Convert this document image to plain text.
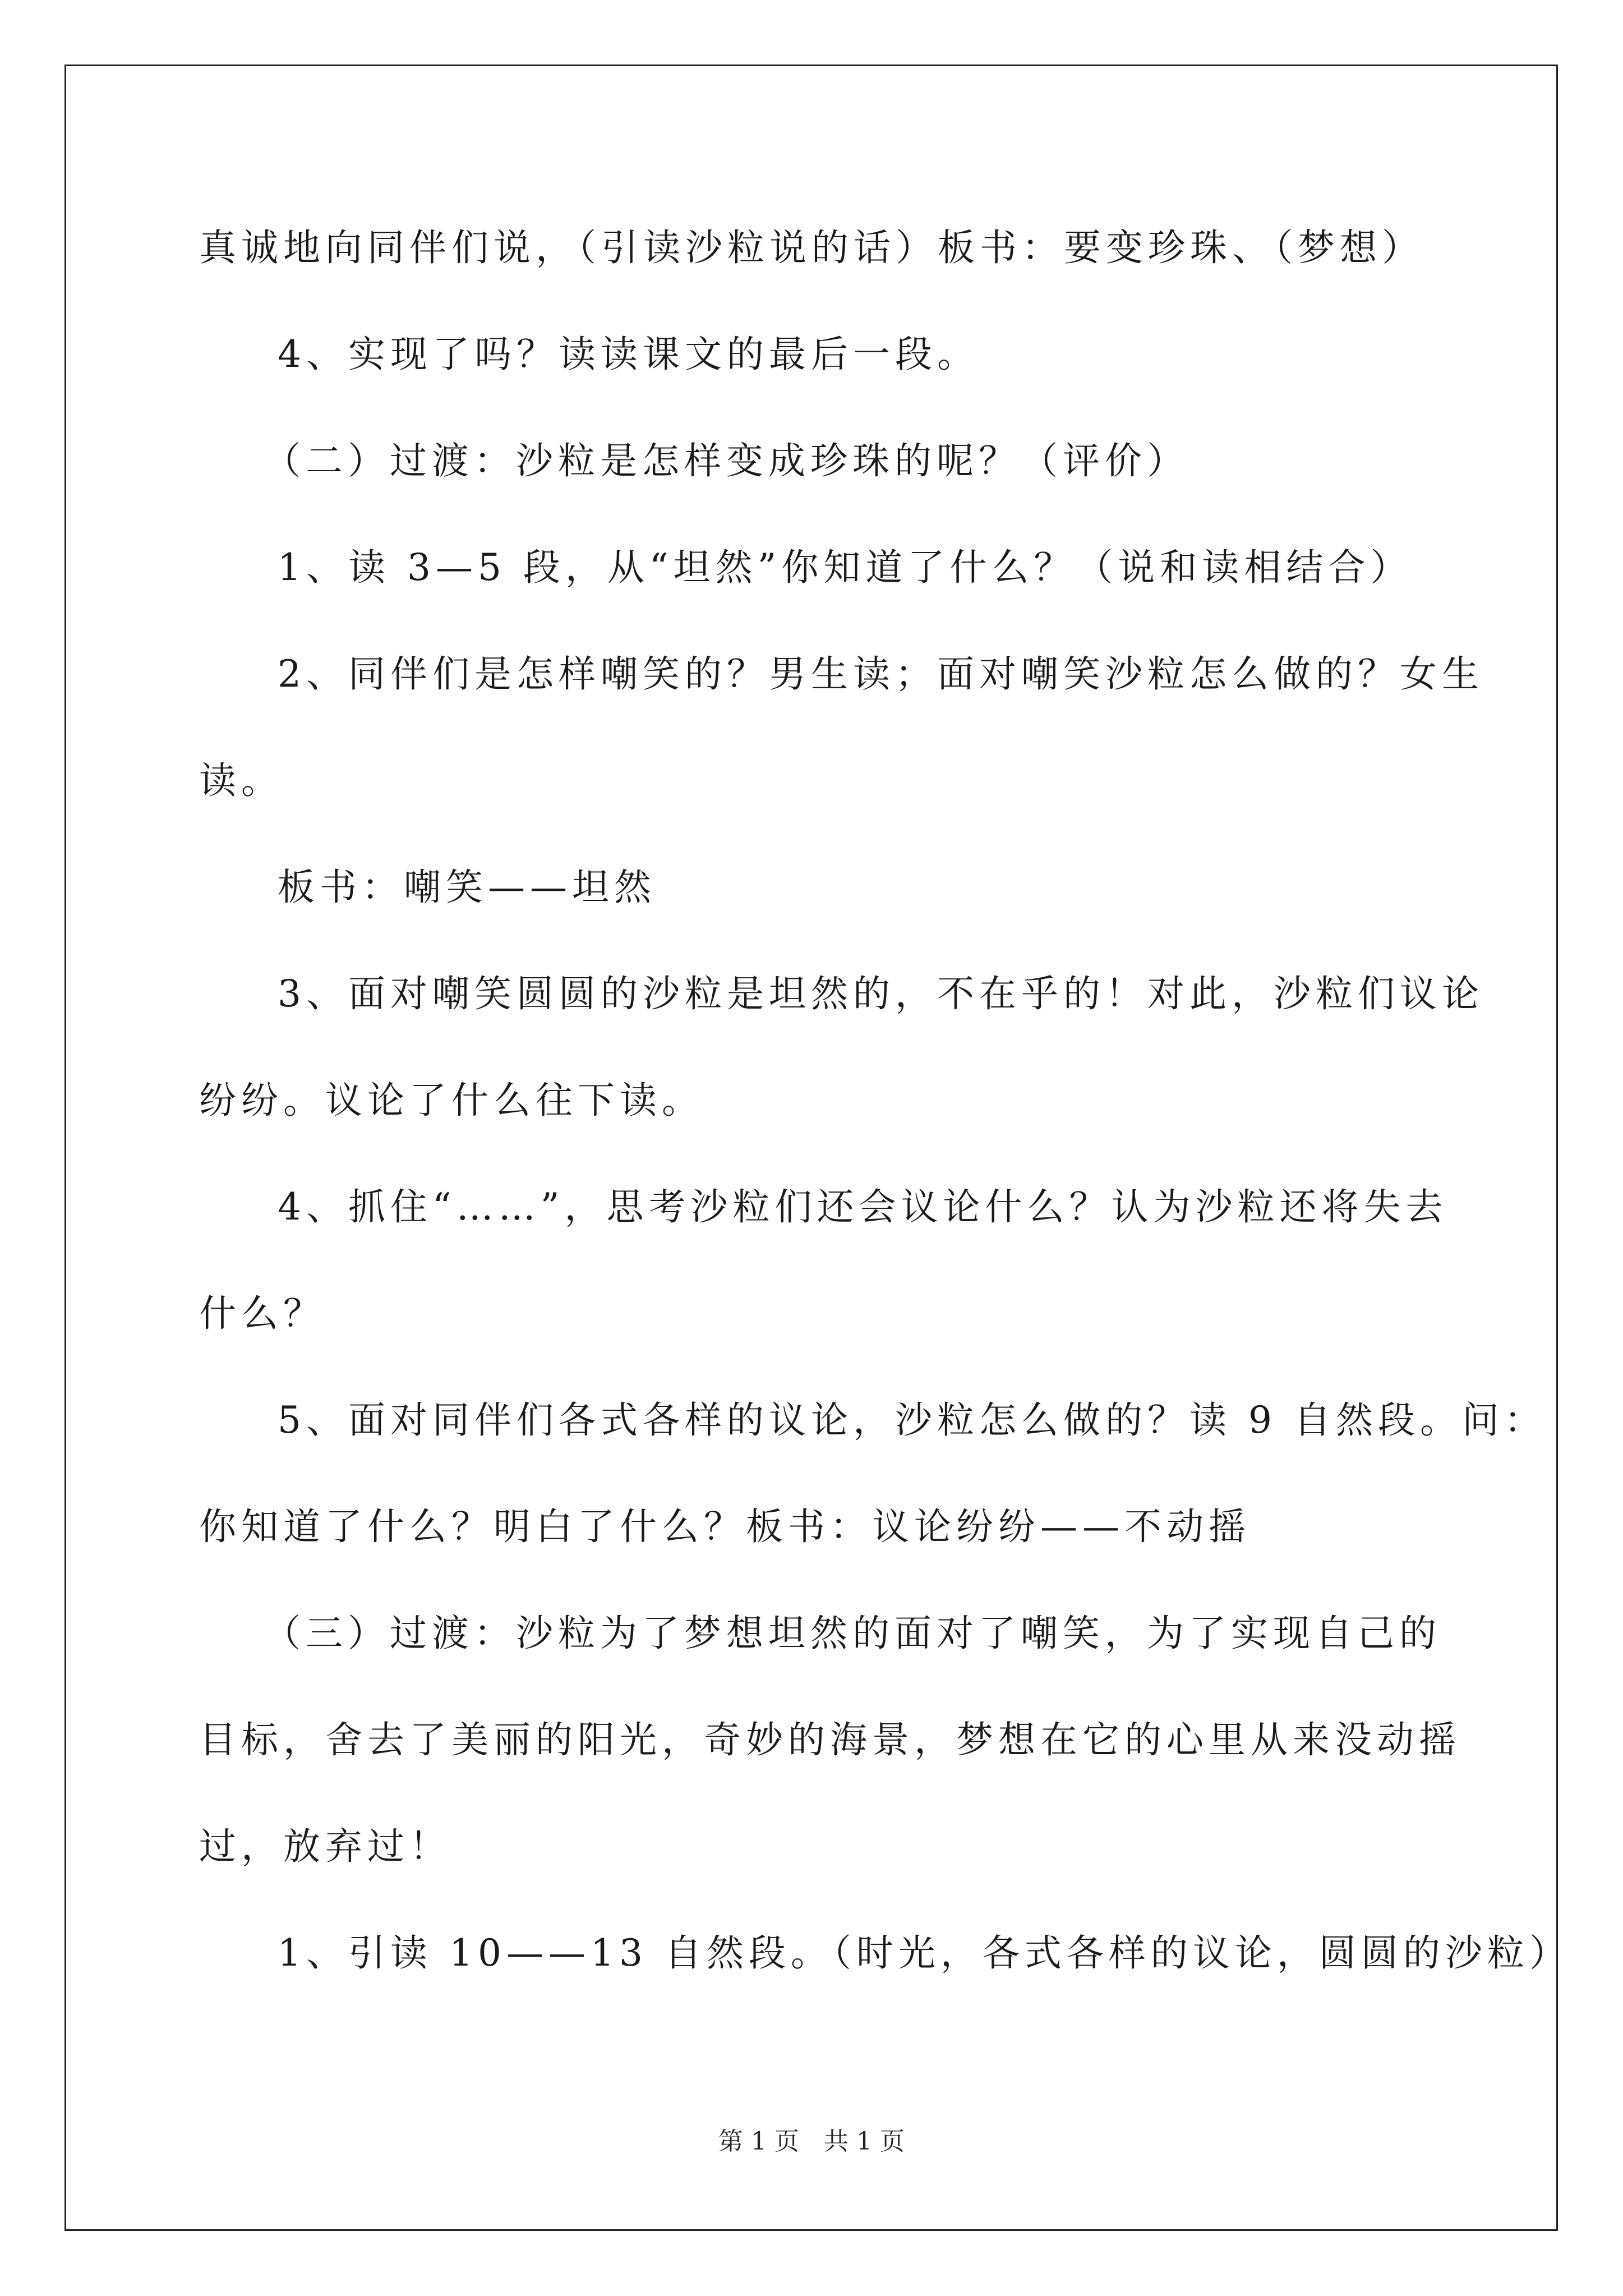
真诚地向同伴们说，（引读沙粒说的话）板书：要变珍珠、（梦想）
4、实现了吗？读读课文的最后一段。
（二）过渡：沙粒是怎样变成珍珠的呢？（评价）
1、读 3—5 段，从“坦然”你知道了什么？（说和读相结合）
2、同伴们是怎样嘲笑的？男生读；面对嘲笑沙粒怎么做的？女生
读。
板书：嘲笑——坦然
3、面对嘲笑圆圆的沙粒是坦然的，不在乎的！对此，沙粒们议论
纷纷。议论了什么往下读。
4、抓住“……”，思考沙粒们还会议论什么？认为沙粒还将失去
什么？
5、面对同伴们各式各样的议论，沙粒怎么做的？读 9 自然段。问：
你知道了什么？明白了什么？板书：议论纷纷——不动摇
（三）过渡：沙粒为了梦想坦然的面对了嘲笑，为了实现自己的
目标，舍去了美丽的阳光，奇妙的海景，梦想在它的心里从来没动摇
过，放弃过！
1、引读 10——13 自然段。（时光，各式各样的议论，圆圆的沙粒）
第 1 页　共 1 页
